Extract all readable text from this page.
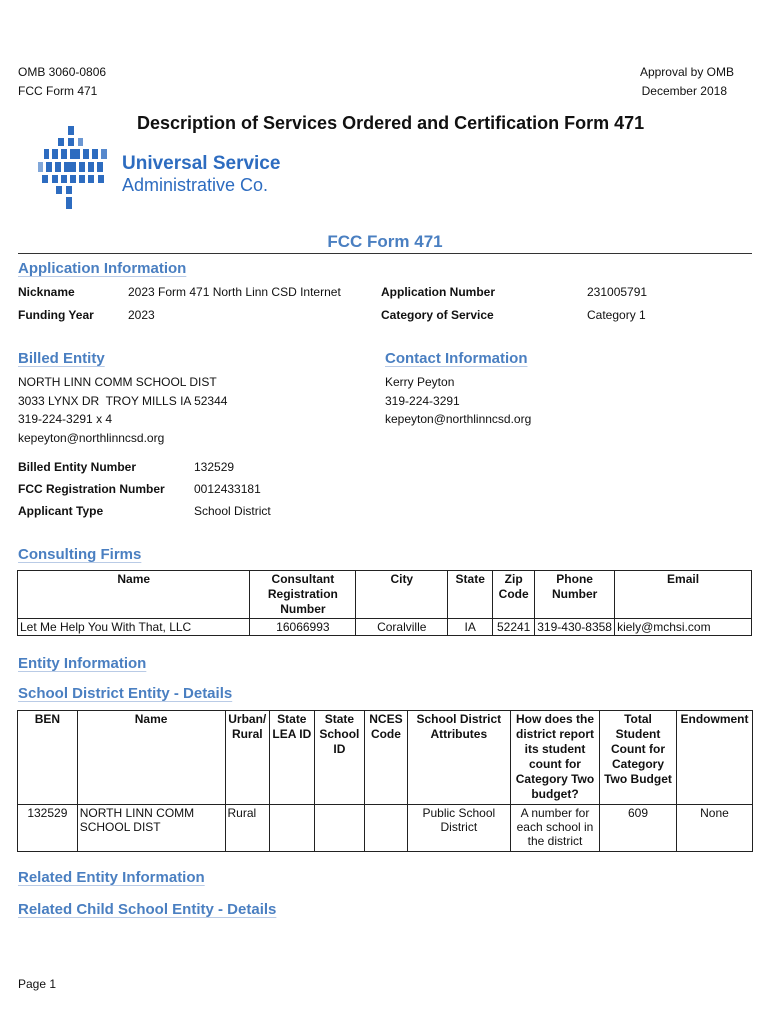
OMB 3060-0806
FCC Form 471
Approval by OMB
December 2018
Description of Services Ordered and Certification Form 471
Universal Service
Administrative Co.
FCC Form 471
Application Information
Nickname	2023 Form 471 North Linn CSD Internet	Application Number	231005791
Funding Year	2023	Category of Service	Category 1
Billed Entity
NORTH LINN COMM SCHOOL DIST
3033 LYNX DR  TROY MILLS IA 52344
319-224-3291 x 4
kepeyton@northlinncsd.org
Contact Information
Kerry Peyton
319-224-3291
kepeyton@northlinncsd.org
Billed Entity Number	132529
FCC Registration Number 0012433181
Applicant Type	School District
Consulting Firms
Name	Consultant Registration Number	City	State	Zip Code	Phone Number	Email
Let Me Help You With That, LLC	16066993	Coralville	IA	52241	319-430-8358	kiely@mchsi.com
Entity Information
School District Entity - Details
BEN	Name	Urban/ Rural	State LEA ID	State School ID	NCES Code	School District Attributes	How does the district report its student count for Category Two budget?	Total Student Count for Category Two Budget	Endowment
132529	NORTH LINN COMM SCHOOL DIST	Rural				Public School District	A number for each school in the district	609	None
Related Entity Information
Related Child School Entity - Details
Page 1
